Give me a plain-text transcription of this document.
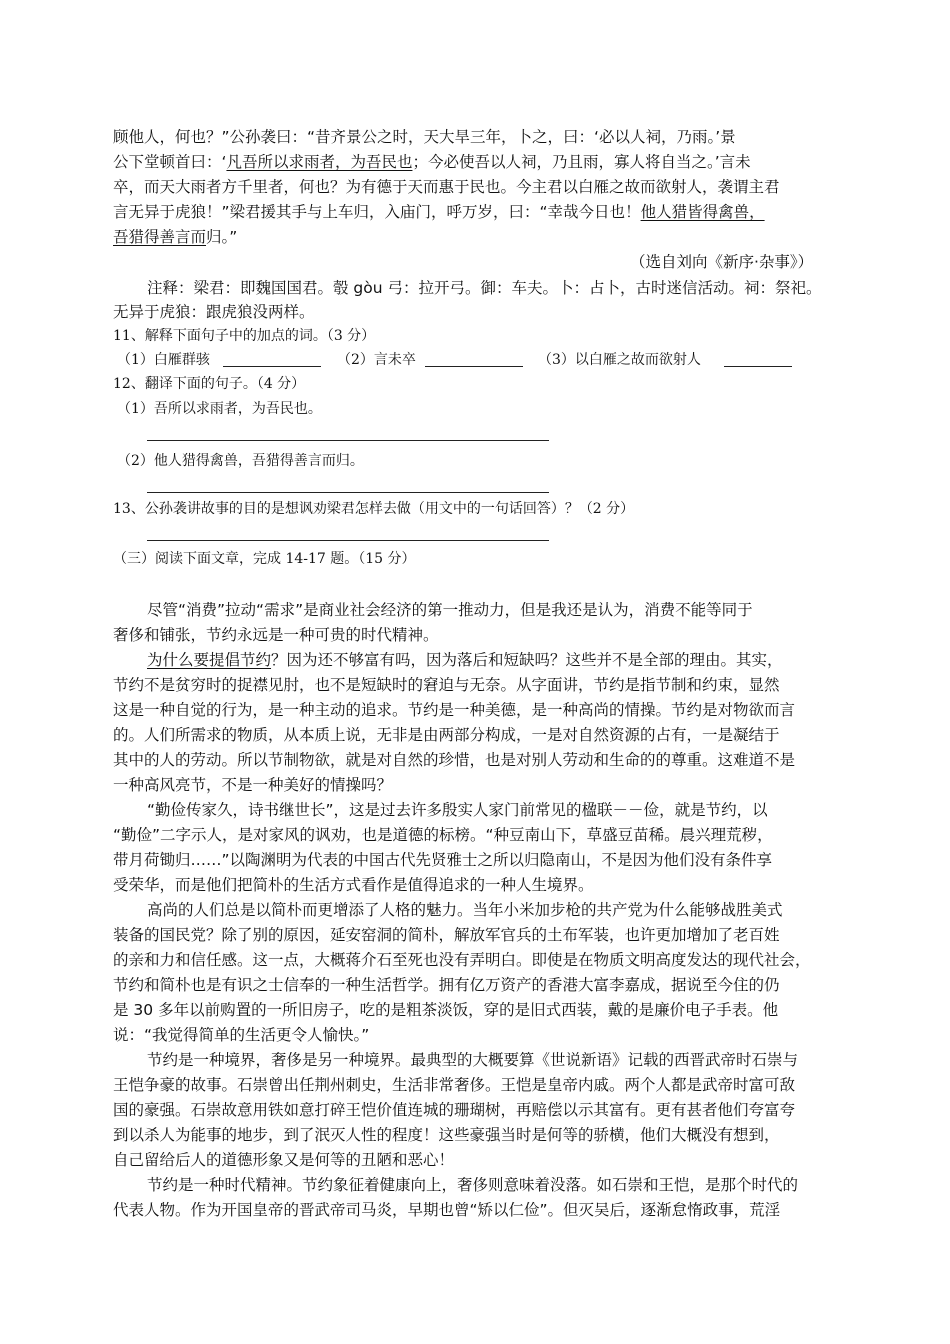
顾他人，何也？”公孙袭曰：“昔齐景公之时，天大旱三年，卜之，曰：‘必以人祠，乃雨。’景
公下堂顿首曰：‘凡吾所以求雨者，为吾民也；今必使吾以人祠，乃且雨，寡人将自当之。’言未
卒，而天大雨者方千里者，何也？为有德于天而惠于民也。今主君以白雁之故而欲射人，袭谓主君
言无异于虎狼！”梁君援其手与上车归，入庙门，呼万岁，曰：“幸哉今日也！他人猎皆得禽兽，
吾猎得善言而归。”
（选自刘向《新序·杂事》）
注释：梁君：即魏国国君。彀 gòu 弓：拉开弓。御：车夫。卜：占卜，古时迷信活动。祠：祭祀。
无异于虎狼：跟虎狼没两样。
11、解释下面句子中的加点的词。（3 分）
（1）白雁群骇	（2）言未卒	（3）以白雁之故而欲射人
12、翻译下面的句子。（4 分）
（1）吾所以求雨者，为吾民也。
（2）他人猎得禽兽，吾猎得善言而归。
13、公孙袭讲故事的目的是想讽劝梁君怎样去做（用文中的一句话回答）？（2 分）
（三）阅读下面文章，完成 14-17 题。（15 分）
尽管“消费”拉动“需求”是商业社会经济的第一推动力，但是我还是认为，消费不能等同于
奢侈和铺张，节约永远是一种可贵的时代精神。
为什么要提倡节约？因为还不够富有吗，因为落后和短缺吗？这些并不是全部的理由。其实，
节约不是贫穷时的捉襟见肘，也不是短缺时的窘迫与无奈。从字面讲，节约是指节制和约束，显然
这是一种自觉的行为，是一种主动的追求。节约是一种美德，是一种高尚的情操。节约是对物欲而言
的。人们所需求的物质，从本质上说，无非是由两部分构成，一是对自然资源的占有，一是凝结于
其中的人的劳动。所以节制物欲，就是对自然的珍惜，也是对别人劳动和生命的的尊重。这难道不是
一种高风亮节，不是一种美好的情操吗？
“勤俭传家久，诗书继世长”，这是过去许多殷实人家门前常见的楹联－－俭，就是节约，以
“勤俭”二字示人，是对家风的讽劝，也是道德的标榜。“种豆南山下，草盛豆苗稀。晨兴理荒秽，
带月荷锄归……”以陶渊明为代表的中国古代先贤雅士之所以归隐南山，不是因为他们没有条件享
受荣华，而是他们把简朴的生活方式看作是值得追求的一种人生境界。
高尚的人们总是以简朴而更增添了人格的魅力。当年小米加步枪的共产党为什么能够战胜美式
装备的国民党？除了别的原因，延安窑洞的简朴，解放军官兵的土布军装，也许更加增加了老百姓
的亲和力和信任感。这一点，大概蒋介石至死也没有弄明白。即使是在物质文明高度发达的现代社会，
节约和简朴也是有识之士信奉的一种生活哲学。拥有亿万资产的香港大富李嘉成，据说至今住的仍
是 30 多年以前购置的一所旧房子，吃的是粗茶淡饭，穿的是旧式西装，戴的是廉价电子手表。他
说：“我觉得简单的生活更令人愉快。”
节约是一种境界，奢侈是另一种境界。最典型的大概要算《世说新语》记载的西晋武帝时石崇与
王恺争豪的故事。石崇曾出任荆州刺史，生活非常奢侈。王恺是皇帝内戚。两个人都是武帝时富可敌
国的豪强。石崇故意用铁如意打碎王恺价值连城的珊瑚树，再赔偿以示其富有。更有甚者他们夸富夸
到以杀人为能事的地步，到了泯灭人性的程度！这些豪强当时是何等的骄横，他们大概没有想到，
自己留给后人的道德形象又是何等的丑陋和恶心！
节约是一种时代精神。节约象征着健康向上，奢侈则意味着没落。如石崇和王恺，是那个时代的
代表人物。作为开国皇帝的晋武帝司马炎，早期也曾“矫以仁俭”。但灭吴后，逐渐怠惰政事，荒淫
